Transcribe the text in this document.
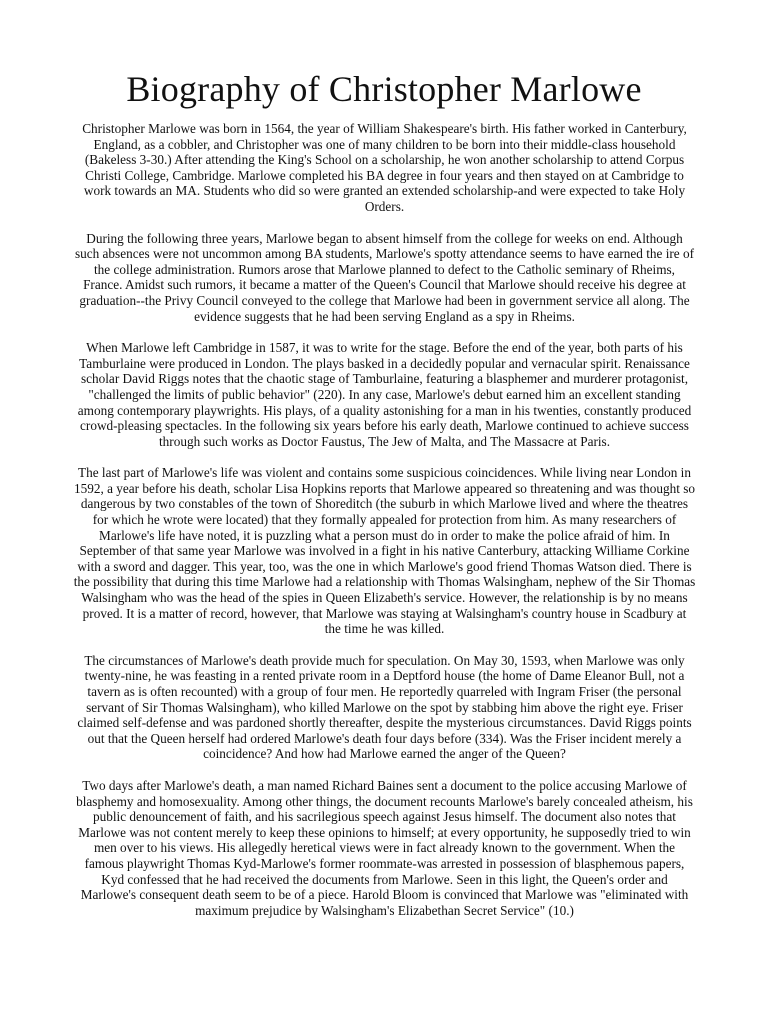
Biography of Christopher Marlowe

Christopher Marlowe was born in 1564, the year of William Shakespeare's birth. His father worked in Canterbury, England, as a cobbler, and Christopher was one of many children to be born into their middle-class household (Bakeless 3-30.) After attending the King's School on a scholarship, he won another scholarship to attend Corpus Christi College, Cambridge. Marlowe completed his BA degree in four years and then stayed on at Cambridge to work towards an MA. Students who did so were granted an extended scholarship-and were expected to take Holy Orders.

During the following three years, Marlowe began to absent himself from the college for weeks on end. Although such absences were not uncommon among BA students, Marlowe's spotty attendance seems to have earned the ire of the college administration. Rumors arose that Marlowe planned to defect to the Catholic seminary of Rheims, France. Amidst such rumors, it became a matter of the Queen's Council that Marlowe should receive his degree at graduation--the Privy Council conveyed to the college that Marlowe had been in government service all along. The evidence suggests that he had been serving England as a spy in Rheims.

When Marlowe left Cambridge in 1587, it was to write for the stage. Before the end of the year, both parts of his Tamburlaine were produced in London. The plays basked in a decidedly popular and vernacular spirit. Renaissance scholar David Riggs notes that the chaotic stage of Tamburlaine, featuring a blasphemer and murderer protagonist, "challenged the limits of public behavior" (220). In any case, Marlowe's debut earned him an excellent standing among contemporary playwrights. His plays, of a quality astonishing for a man in his twenties, constantly produced crowd-pleasing spectacles. In the following six years before his early death, Marlowe continued to achieve success through such works as Doctor Faustus, The Jew of Malta, and The Massacre at Paris.

The last part of Marlowe's life was violent and contains some suspicious coincidences. While living near London in 1592, a year before his death, scholar Lisa Hopkins reports that Marlowe appeared so threatening and was thought so dangerous by two constables of the town of Shoreditch (the suburb in which Marlowe lived and where the theatres for which he wrote were located) that they formally appealed for protection from him. As many researchers of Marlowe's life have noted, it is puzzling what a person must do in order to make the police afraid of him. In September of that same year Marlowe was involved in a fight in his native Canterbury, attacking Williame Corkine with a sword and dagger. This year, too, was the one in which Marlowe's good friend Thomas Watson died. There is the possibility that during this time Marlowe had a relationship with Thomas Walsingham, nephew of the Sir Thomas Walsingham who was the head of the spies in Queen Elizabeth's service. However, the relationship is by no means proved. It is a matter of record, however, that Marlowe was staying at Walsingham's country house in Scadbury at the time he was killed.

The circumstances of Marlowe's death provide much for speculation. On May 30, 1593, when Marlowe was only twenty-nine, he was feasting in a rented private room in a Deptford house (the home of Dame Eleanor Bull, not a tavern as is often recounted) with a group of four men. He reportedly quarreled with Ingram Friser (the personal servant of Sir Thomas Walsingham), who killed Marlowe on the spot by stabbing him above the right eye. Friser claimed self-defense and was pardoned shortly thereafter, despite the mysterious circumstances. David Riggs points out that the Queen herself had ordered Marlowe's death four days before (334). Was the Friser incident merely a coincidence? And how had Marlowe earned the anger of the Queen?

Two days after Marlowe's death, a man named Richard Baines sent a document to the police accusing Marlowe of blasphemy and homosexuality. Among other things, the document recounts Marlowe's barely concealed atheism, his public denouncement of faith, and his sacrilegious speech against Jesus himself. The document also notes that Marlowe was not content merely to keep these opinions to himself; at every opportunity, he supposedly tried to win men over to his views. His allegedly heretical views were in fact already known to the government. When the famous playwright Thomas Kyd-Marlowe's former roommate-was arrested in possession of blasphemous papers, Kyd confessed that he had received the documents from Marlowe. Seen in this light, the Queen's order and Marlowe's consequent death seem to be of a piece. Harold Bloom is convinced that Marlowe was "eliminated with maximum prejudice by Walsingham's Elizabethan Secret Service" (10.)
